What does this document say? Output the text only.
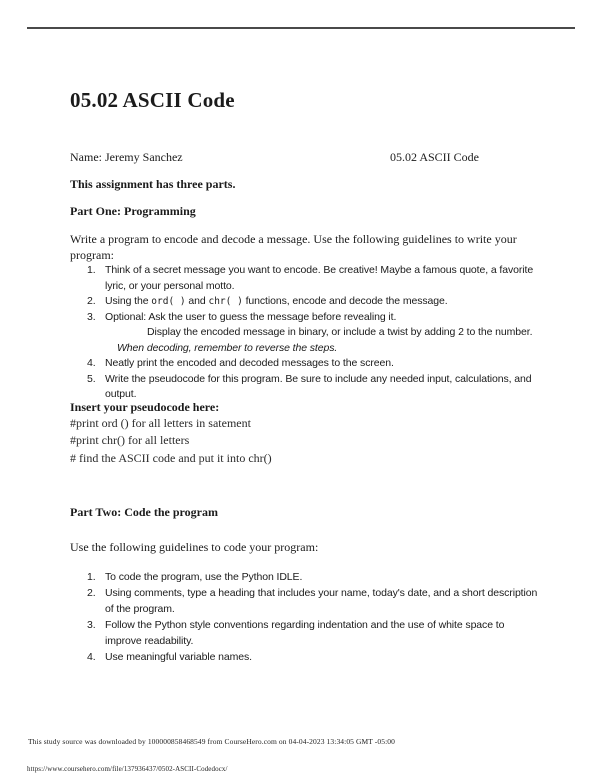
05.02 ASCII Code
Name: Jeremy Sanchez	05.02 ASCII Code

This assignment has three parts.

Part One: Programming

Write a program to encode and decode a message. Use the following guidelines to write your program:

1. Think of a secret message you want to encode. Be creative! Maybe a famous quote, a favorite lyric, or your personal motto.
2. Using the ord( ) and chr( ) functions, encode and decode the message.
3. Optional: Ask the user to guess the message before revealing it.
Display the encoded message in binary, or include a twist by adding 2 to the number.
When decoding, remember to reverse the steps.
4. Neatly print the encoded and decoded messages to the screen.
5. Write the pseudocode for this program. Be sure to include any needed input, calculations, and output.
Insert your pseudocode here:

#print ord () for all letters in satement

#print chr() for all letters

# find the ASCII code and put it into chr()

Part Two: Code the program

Use the following guidelines to code your program:

1. To code the program, use the Python IDLE.
2. Using comments, type a heading that includes your name, today's date, and a short description of the program.
3. Follow the Python style conventions regarding indentation and the use of white space to improve readability.
4. Use meaningful variable names.
This study source was downloaded by 100000858468549 from CourseHero.com on 04-04-2023 13:34:05 GMT -05:00
https://www.coursehero.com/file/137936437/0502-ASCII-Codedocx/
